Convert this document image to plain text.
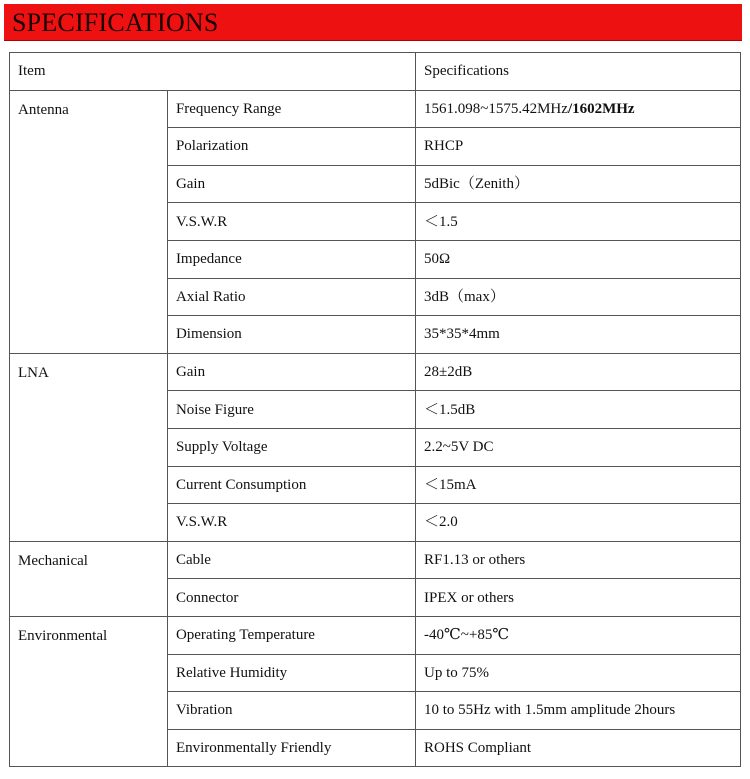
SPECIFICATIONS
Item		Specifications
Antenna	Frequency Range	1561.098~1575.42MHz/1602MHz
	Polarization	RHCP
	Gain	5dBic（Zenith）
	V.S.W.R	＜1.5
	Impedance	50Ω
	Axial Ratio	3dB（max）
	Dimension	35*35*4mm
LNA	Gain	28±2dB
	Noise Figure	＜1.5dB
	Supply Voltage	2.2~5V DC
	Current Consumption	＜15mA
	V.S.W.R	＜2.0
Mechanical	Cable	RF1.13 or others
	Connector	IPEX or others
Environmental	Operating Temperature	-40℃~+85℃
	Relative Humidity	Up to 75%
	Vibration	10 to 55Hz with 1.5mm amplitude 2hours
	Environmentally Friendly	ROHS Compliant
